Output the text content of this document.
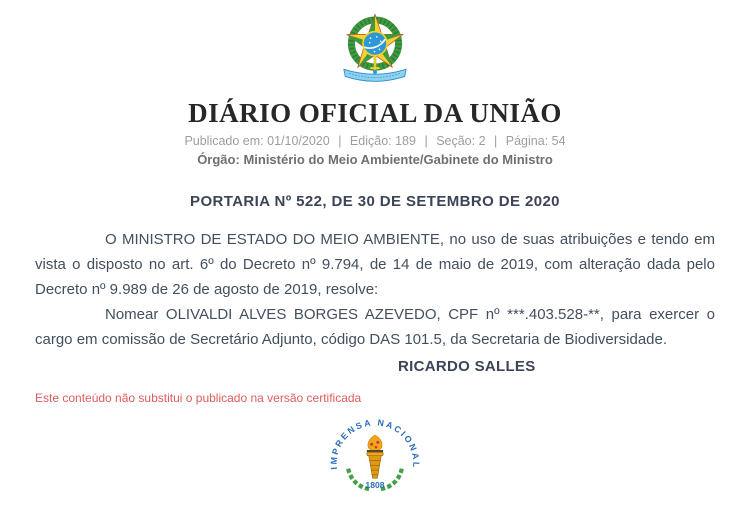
DIÁRIO OFICIAL DA UNIÃO
Publicado em: 01/10/2020 | Edição: 189 | Seção: 2 | Página: 54
Órgão: Ministério do Meio Ambiente/Gabinete do Ministro
PORTARIA Nº 522, DE 30 DE SETEMBRO DE 2020

O MINISTRO DE ESTADO DO MEIO AMBIENTE, no uso de suas atribuições e tendo em vista o disposto no art. 6º do Decreto nº 9.794, de 14 de maio de 2019, com alteração dada pelo Decreto nº 9.989 de 26 de agosto de 2019, resolve:

Nomear OLIVALDI ALVES BORGES AZEVEDO, CPF nº ***.403.528-**, para exercer o cargo em comissão de Secretário Adjunto, código DAS 101.5, da Secretaria de Biodiversidade.

RICARDO SALLES
Este conteúdo não substitui o publicado na versão certificada
IMPRENSA NACIONAL
1808
